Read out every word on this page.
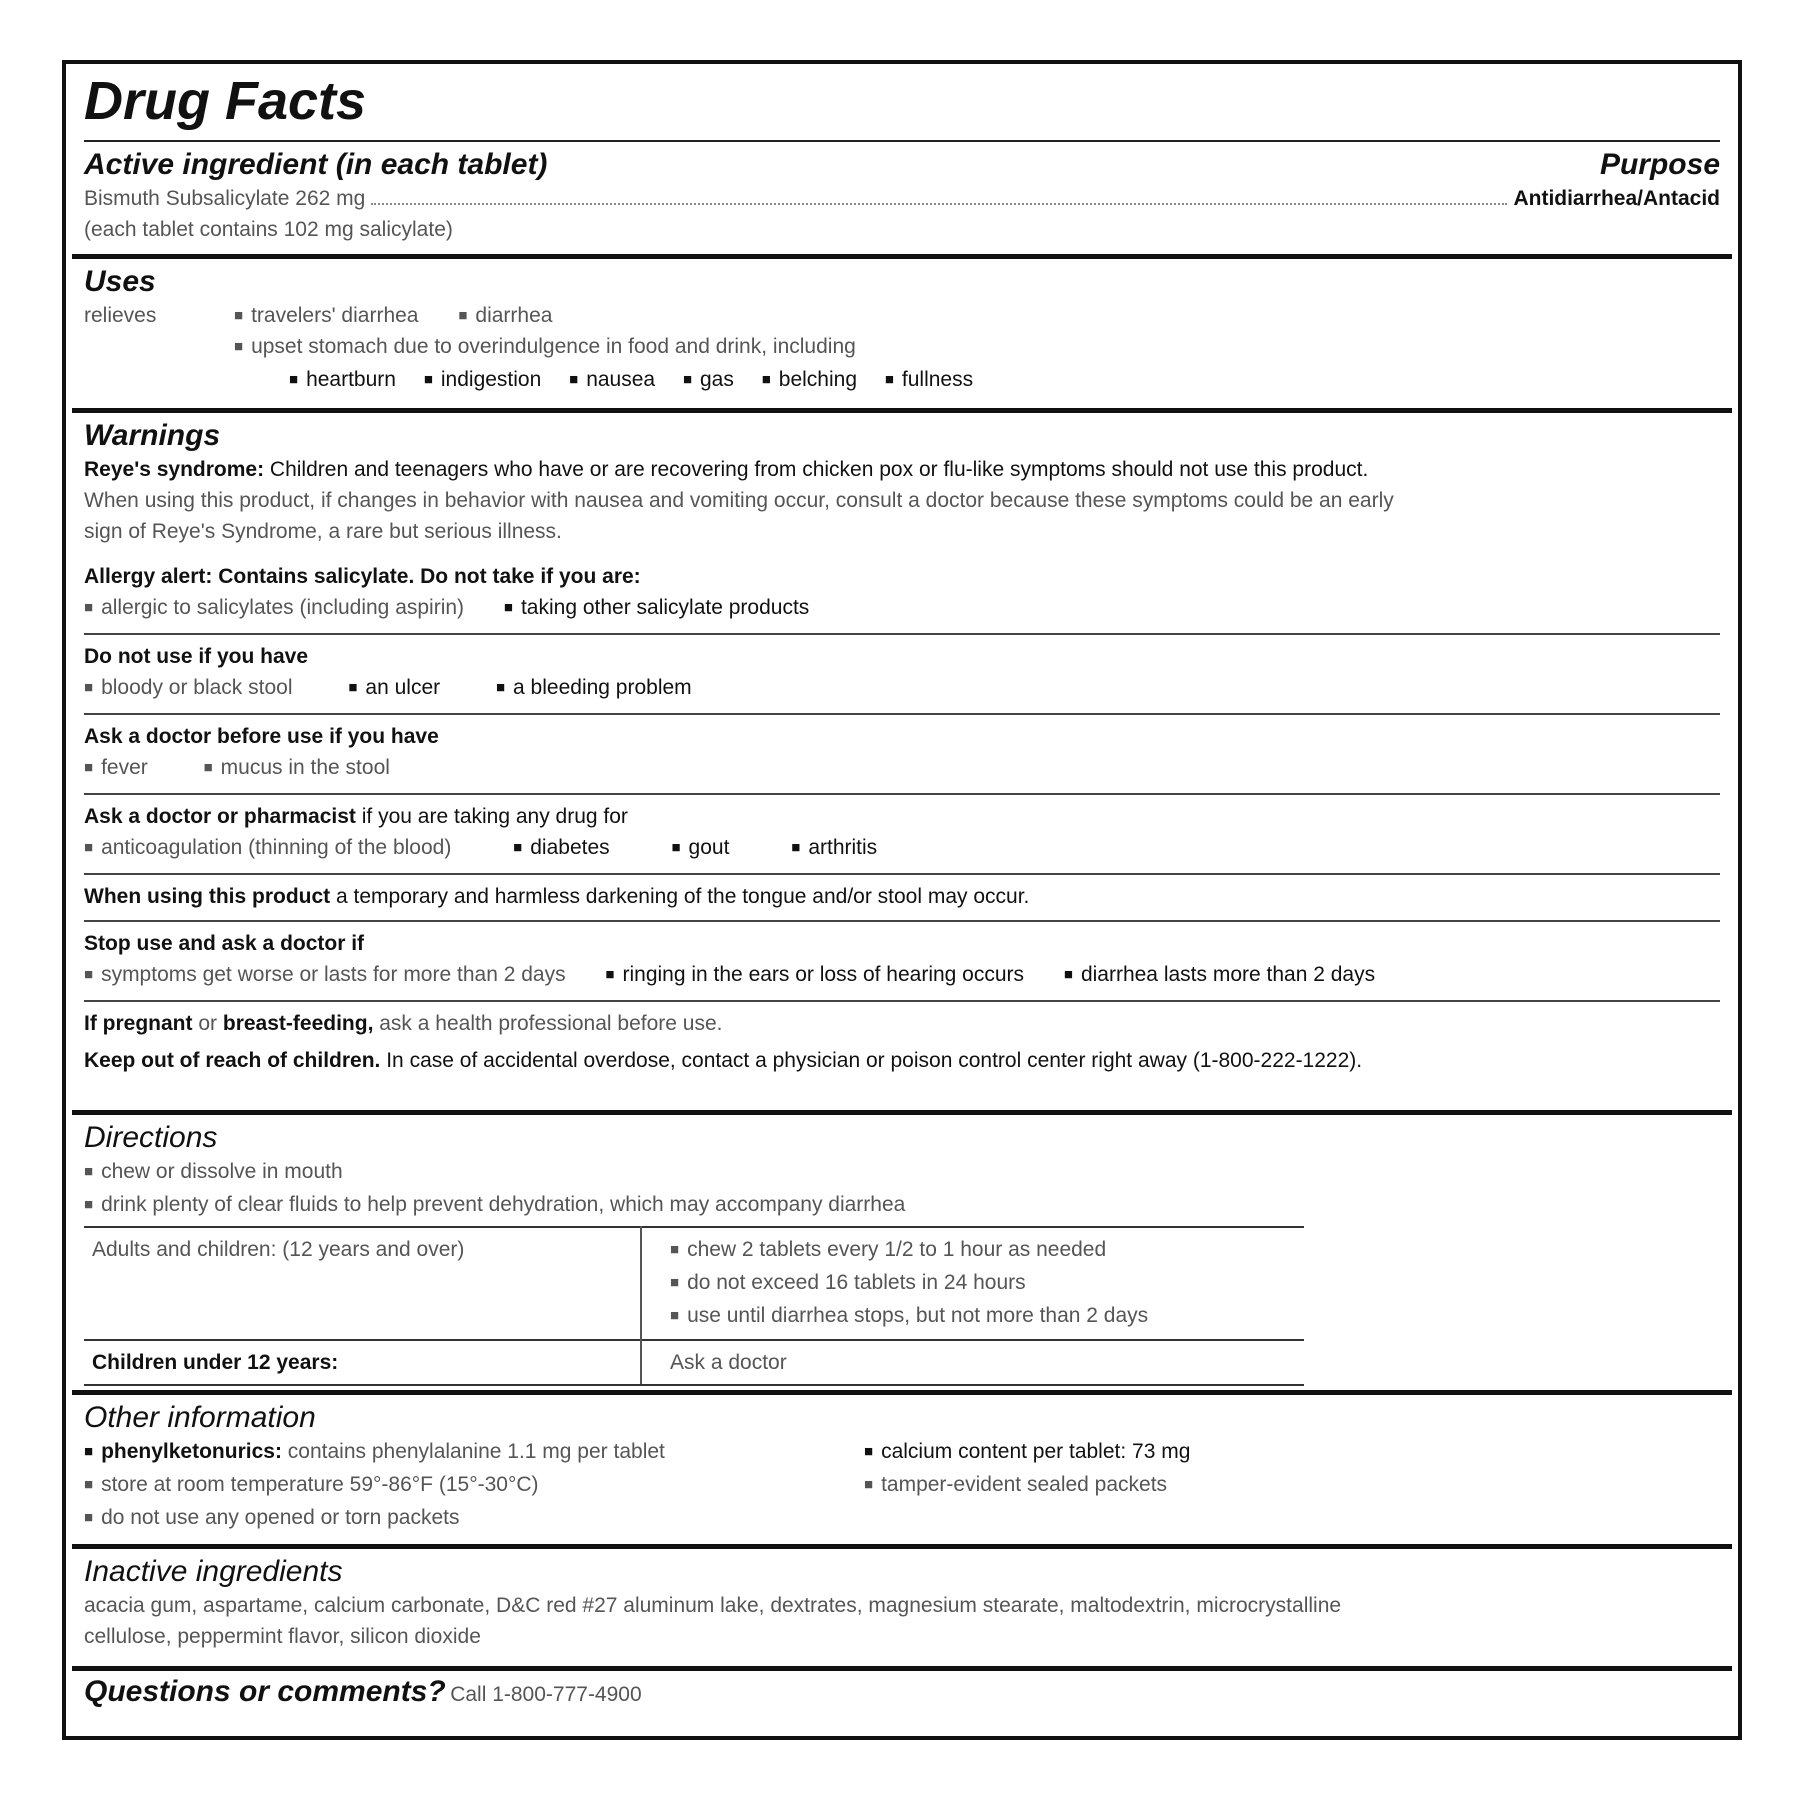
Drug Facts
Active ingredient (in each tablet)	Purpose
Bismuth Subsalicylate 262 mg	Antidiarrhea/Antacid
(each tablet contains 102 mg salicylate)
Uses
relieves	■ travelers' diarrhea	■ diarrhea
■ upset stomach due to overindulgence in food and drink, including
■ heartburn ■ indigestion ■ nausea ■ gas ■ belching ■ fullness
Warnings
Reye's syndrome: Children and teenagers who have or are recovering from chicken pox or flu-like symptoms should not use this product.
When using this product, if changes in behavior with nausea and vomiting occur, consult a doctor because these symptoms could be an early
sign of Reye's Syndrome, a rare but serious illness.
Allergy alert: Contains salicylate. Do not take if you are:
■ allergic to salicylates (including aspirin)	■ taking other salicylate products
Do not use if you have
■ bloody or black stool	■ an ulcer	■ a bleeding problem
Ask a doctor before use if you have
■ fever	■ mucus in the stool
Ask a doctor or pharmacist if you are taking any drug for
■ anticoagulation (thinning of the blood)	■ diabetes	■ gout	■ arthritis
When using this product a temporary and harmless darkening of the tongue and/or stool may occur.
Stop use and ask a doctor if
■ symptoms get worse or lasts for more than 2 days	■ ringing in the ears or loss of hearing occurs	■ diarrhea lasts more than 2 days
If pregnant or breast-feeding, ask a health professional before use.
Keep out of reach of children. In case of accidental overdose, contact a physician or poison control center right away (1-800-222-1222).
Directions
■ chew or dissolve in mouth
■ drink plenty of clear fluids to help prevent dehydration, which may accompany diarrhea
Adults and children: (12 years and over)	■ chew 2 tablets every 1/2 to 1 hour as needed
■ do not exceed 16 tablets in 24 hours
■ use until diarrhea stops, but not more than 2 days

Children under 12 years:	Ask a doctor
Other information
■ phenylketonurics: contains phenylalanine 1.1 mg per tablet
■ store at room temperature 59°-86°F (15°-30°C)
■ do not use any opened or torn packets
■ calcium content per tablet: 73 mg
■ tamper-evident sealed packets
Inactive ingredients
acacia gum, aspartame, calcium carbonate, D&C red #27 aluminum lake, dextrates, magnesium stearate, maltodextrin, microcrystalline
cellulose, peppermint flavor, silicon dioxide
Questions or comments? Call 1-800-777-4900
